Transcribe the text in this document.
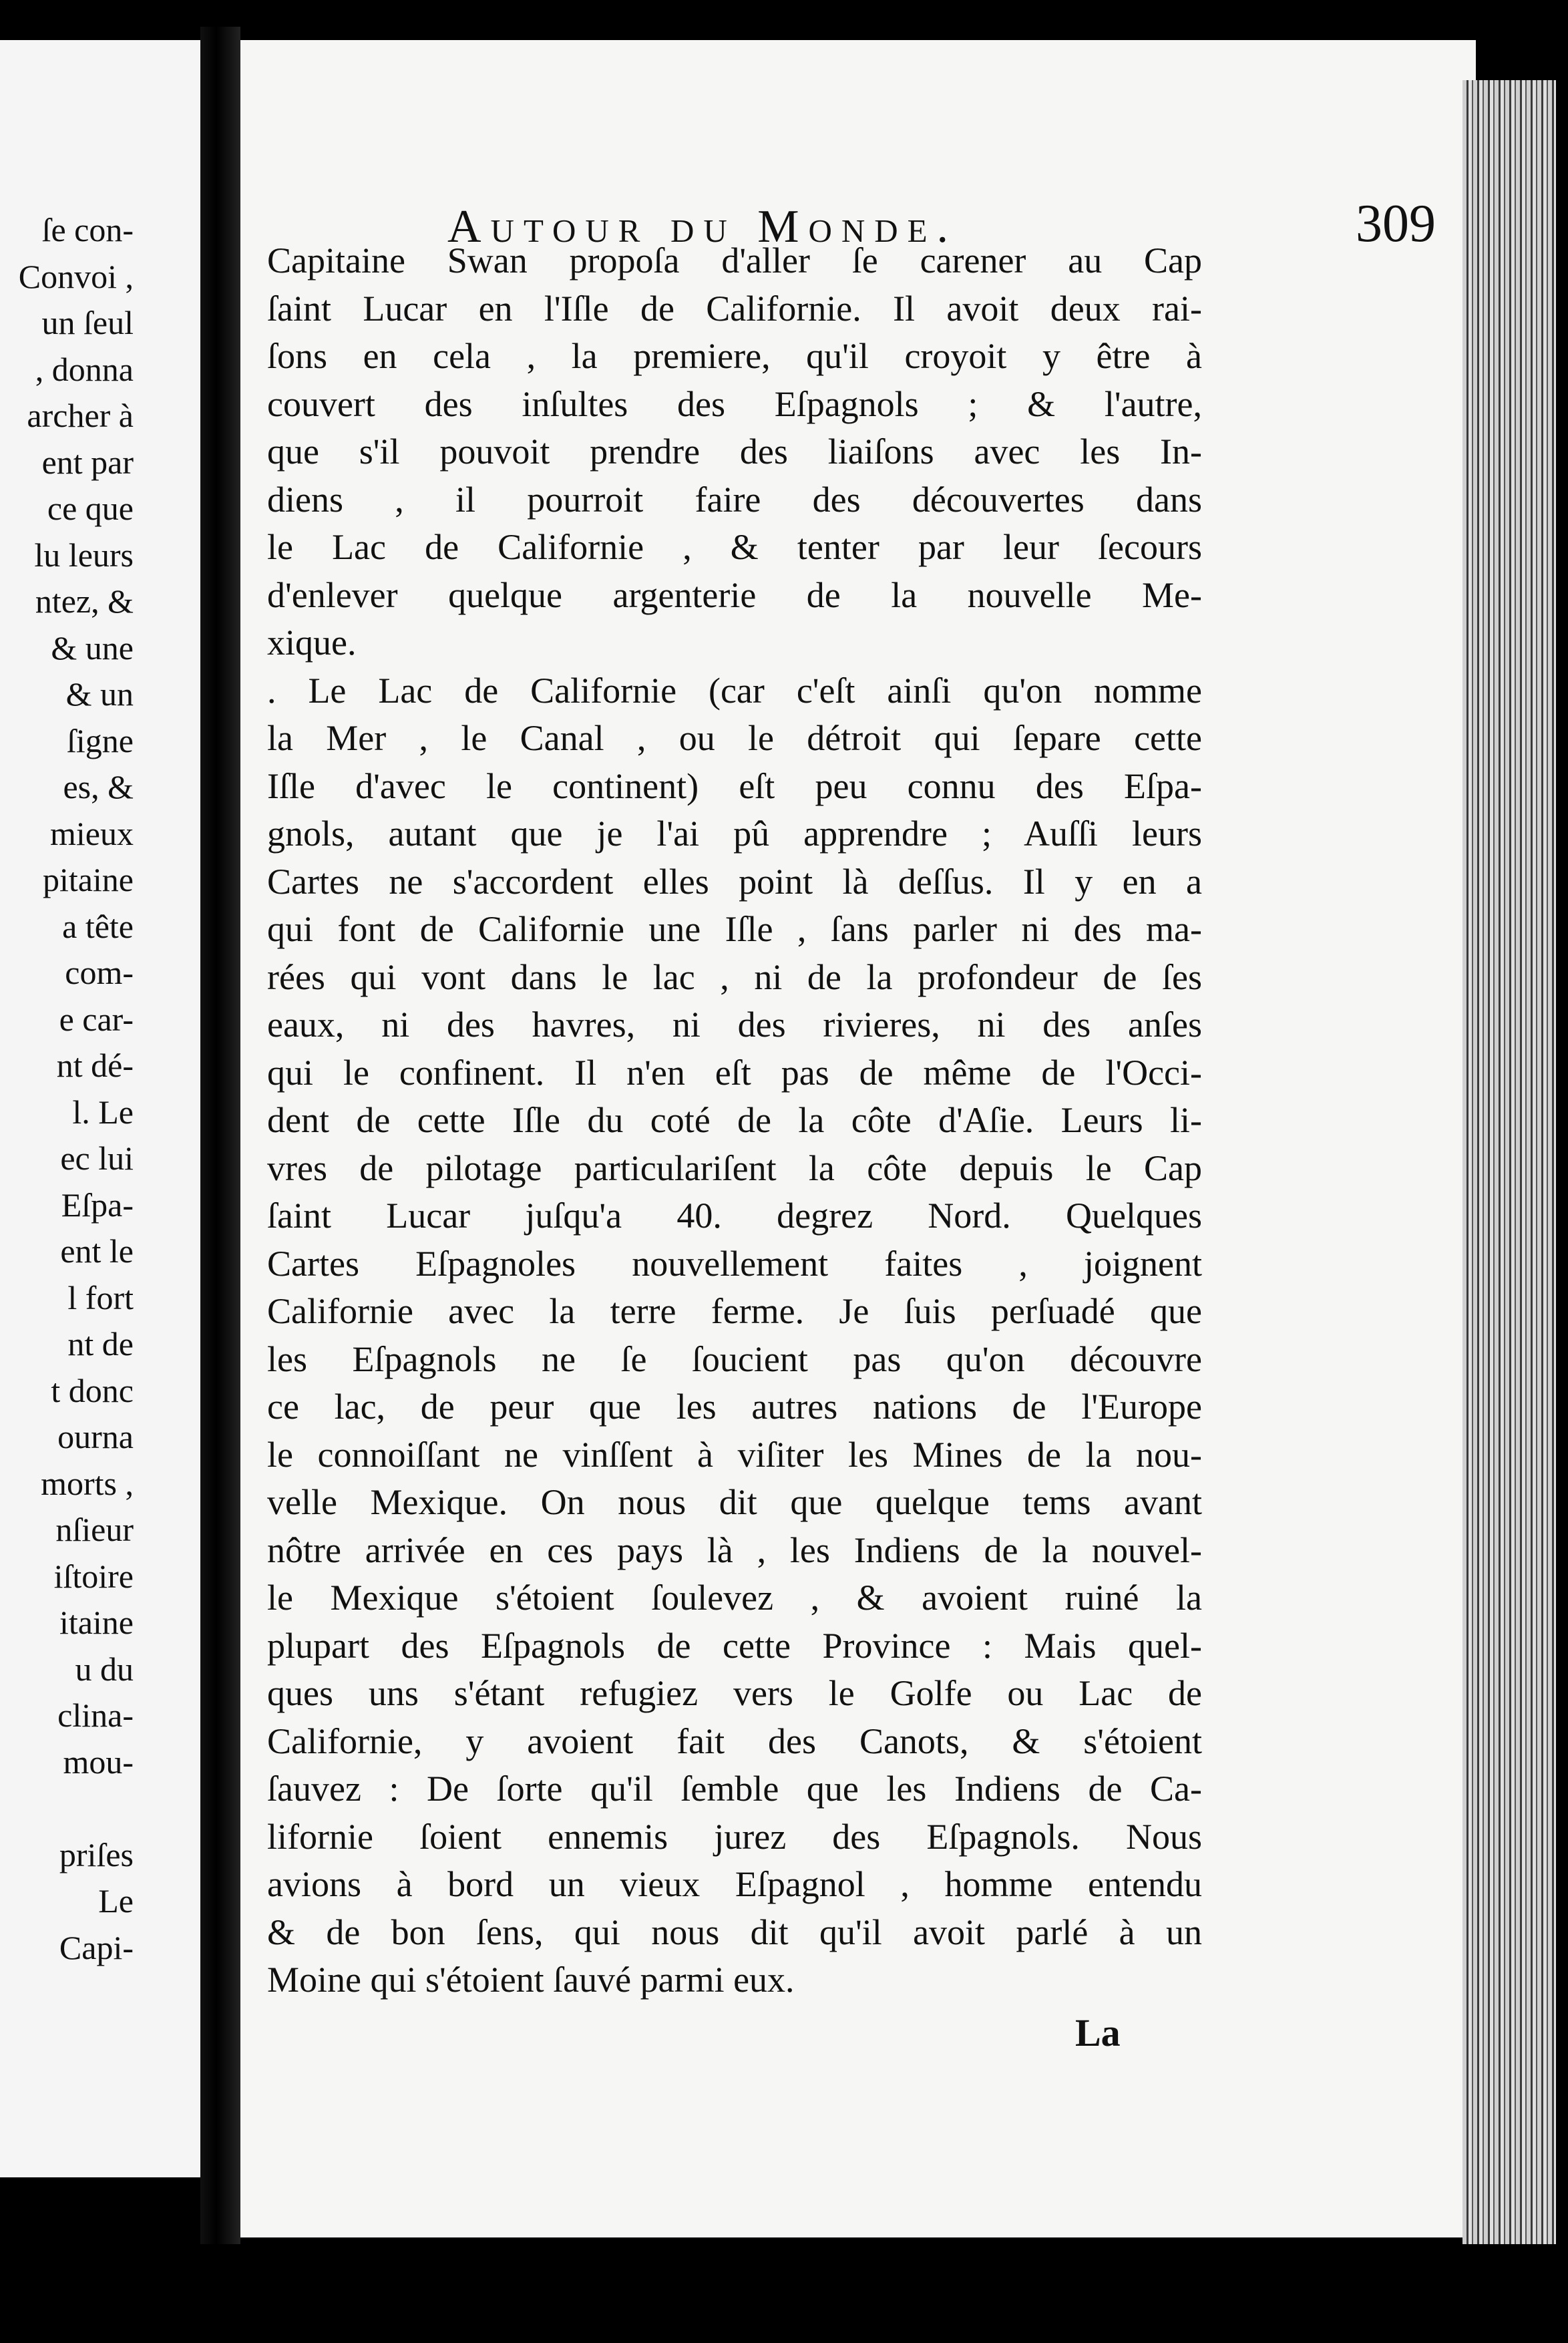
ſe con-
Convoi ,
un ſeul
, donna
archer à
ent par
ce que
lu leurs
ntez, &
& une
& un
ſigne
es, &
mieux
pitaine
a tête
com-
e car-
nt dé-
l. Le
ec lui
Eſpa-
ent le
l fort
nt de
t donc
ourna
morts ,
nſieur
iſtoire
itaine
u du
clina-
mou-
priſes
Le
Capi-
Autour du Monde.	309
Capitaine Swan propoſa d'aller ſe carener au Cap
ſaint Lucar en l'Iſle de Californie. Il avoit deux rai-
ſons en cela , la premiere, qu'il croyoit y être à
couvert des inſultes des Eſpagnols ; & l'autre,
que s'il pouvoit prendre des liaiſons avec les In-
diens , il pourroit faire des découvertes dans
le Lac de Californie , & tenter par leur ſecours
d'enlever quelque argenterie de la nouvelle Me-
xique.
. Le Lac de Californie (car c'eſt ainſi qu'on nomme
la Mer , le Canal , ou le détroit qui ſepare cette
Iſle d'avec le continent) eſt peu connu des Eſpa-
gnols, autant que je l'ai pû apprendre ; Auſſi leurs
Cartes ne s'accordent elles point là deſſus. Il y en a
qui font de Californie une Iſle , ſans parler ni des ma-
rées qui vont dans le lac , ni de la profondeur de ſes
eaux, ni des havres, ni des rivieres, ni des anſes
qui le confinent. Il n'en eſt pas de même de l'Occi-
dent de cette Iſle du coté de la côte d'Aſie. Leurs li-
vres de pilotage particulariſent la côte depuis le Cap
ſaint Lucar juſqu'a 40. degrez Nord. Quelques
Cartes Eſpagnoles nouvellement faites , joignent
Californie avec la terre ferme. Je ſuis perſuadé que
les Eſpagnols ne ſe ſoucient pas qu'on découvre
ce lac, de peur que les autres nations de l'Europe
le connoiſſant ne vinſſent à viſiter les Mines de la nou-
velle Mexique. On nous dit que quelque tems avant
nôtre arrivée en ces pays là , les Indiens de la nouvel-
le Mexique s'étoient ſoulevez , & avoient ruiné la
plupart des Eſpagnols de cette Province : Mais quel-
ques uns s'étant refugiez vers le Golfe ou Lac de
Californie, y avoient fait des Canots, & s'étoient
ſauvez : De ſorte qu'il ſemble que les Indiens de Ca-
lifornie ſoient ennemis jurez des Eſpagnols. Nous
avions à bord un vieux Eſpagnol , homme entendu
& de bon ſens, qui nous dit qu'il avoit parlé à un
Moine qui s'étoient ſauvé parmi eux.
La
